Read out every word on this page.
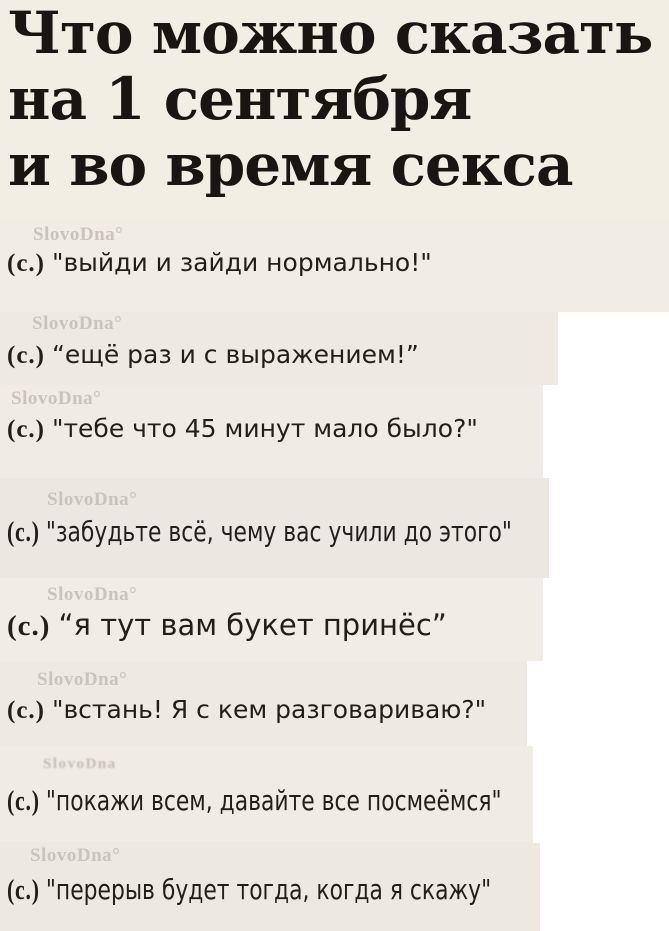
Что можно сказать
на 1 сентября
и во время секса

SlovoDna°

(с.) "выйди и зайди нормально!"

SlovoDna°

(с.) “ещё раз и с выражением!”

SlovoDna°

(с.) "тебе что 45 минут мало было?"

SlovoDna°

(с.) "забудьте всё, чему вас учили до этого"

SlovoDna°

(с.) “я тут вам букет принёс”

SlovoDna°

(с.) "встань! Я с кем разговариваю?"

SlovoDna

(с.) "покажи всем, давайте все посмеёмся"

SlovoDna°

(с.) "перерыв будет тогда, когда я скажу"
